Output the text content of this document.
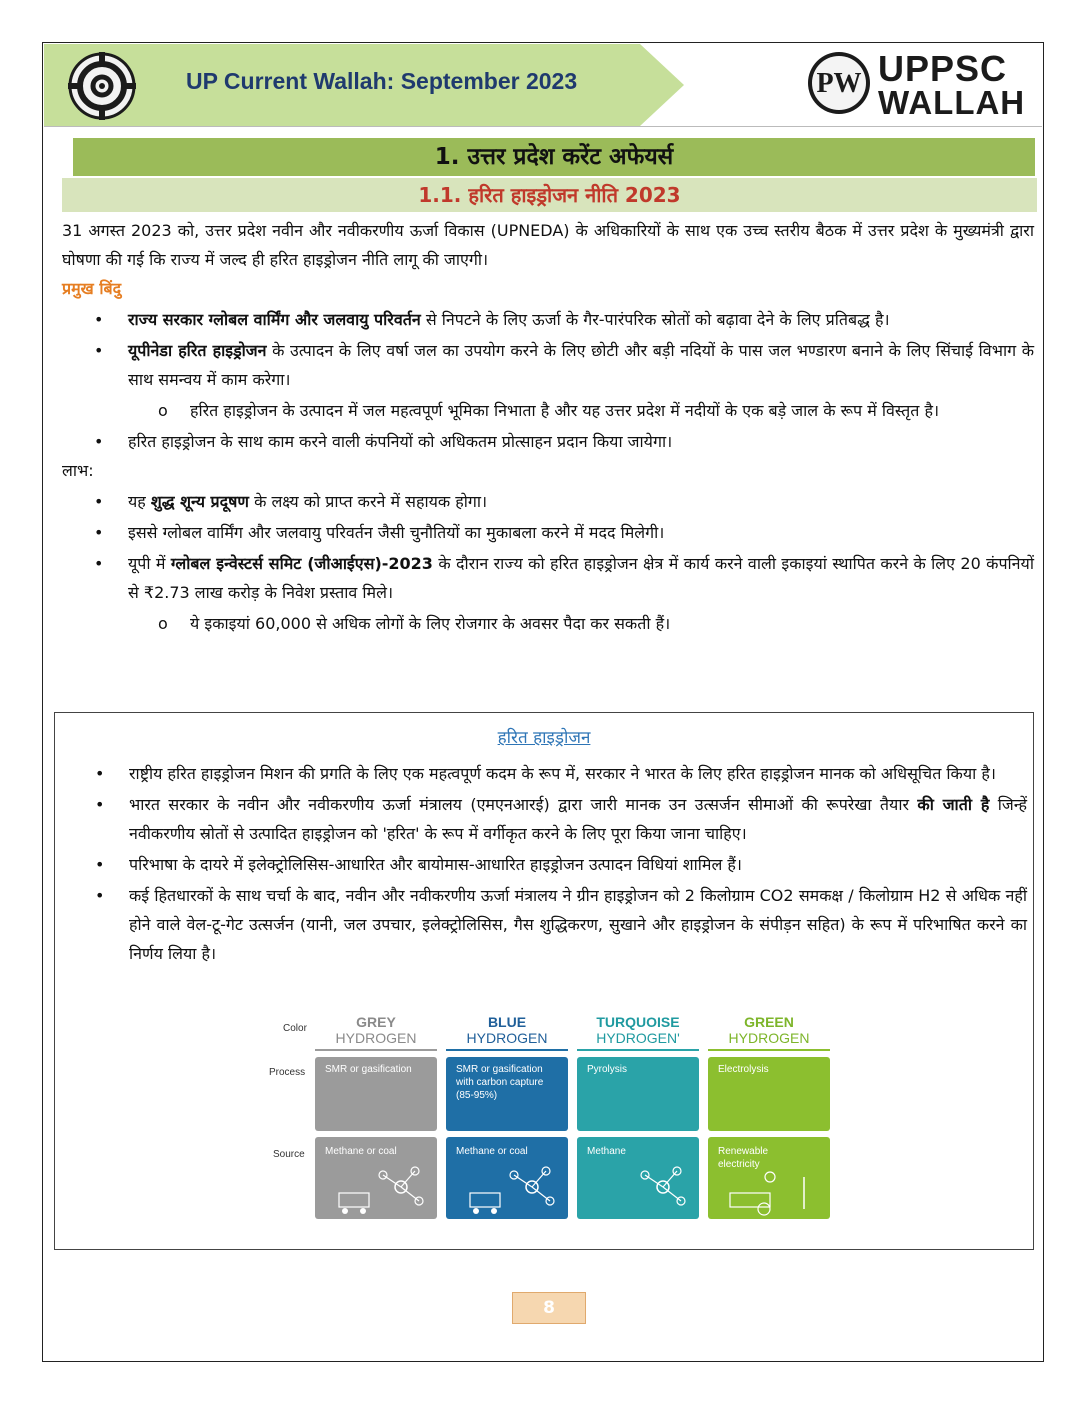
UP Current Wallah: September 2023	PW UPPSC
WALLAH
1. उत्तर प्रदेश करेंट अफेयर्स
1.1. हरित हाइड्रोजन नीति 2023

31 अगस्त 2023 को, उत्तर प्रदेश नवीन और नवीकरणीय ऊर्जा विकास (UPNEDA) के अधिकारियों के साथ एक उच्च स्तरीय बैठक में उत्तर प्रदेश के मुख्यमंत्री द्वारा घोषणा की गई कि राज्य में जल्द ही हरित हाइड्रोजन नीति लागू की जाएगी।

प्रमुख बिंदु

• राज्य सरकार ग्लोबल वार्मिंग और जलवायु परिवर्तन से निपटने के लिए ऊर्जा के गैर-पारंपरिक स्रोतों को बढ़ावा देने के लिए प्रतिबद्ध है।
• यूपीनेडा हरित हाइड्रोजन के उत्पादन के लिए वर्षा जल का उपयोग करने के लिए छोटी और बड़ी नदियों के पास जल भण्डारण बनाने के लिए सिंचाई विभाग के साथ समन्वय में काम करेगा।
o हरित हाइड्रोजन के उत्पादन में जल महत्वपूर्ण भूमिका निभाता है और यह उत्तर प्रदेश में नदीयों के एक बड़े जाल के रूप में विस्तृत है।
• हरित हाइड्रोजन के साथ काम करने वाली कंपनियों को अधिकतम प्रोत्साहन प्रदान किया जायेगा।

लाभ:

• यह शुद्ध शून्य प्रदूषण के लक्ष्य को प्राप्त करने में सहायक होगा।
• इससे ग्लोबल वार्मिंग और जलवायु परिवर्तन जैसी चुनौतियों का मुकाबला करने में मदद मिलेगी।
• यूपी में ग्लोबल इन्वेस्टर्स समिट (जीआईएस)-2023 के दौरान राज्य को हरित हाइड्रोजन क्षेत्र में कार्य करने वाली इकाइयां स्थापित करने के लिए 20 कंपनियों से ₹2.73 लाख करोड़ के निवेश प्रस्ताव मिले।
o ये इकाइयां 60,000 से अधिक लोगों के लिए रोजगार के अवसर पैदा कर सकती हैं।
हरित हाइड्रोजन
• राष्ट्रीय हरित हाइड्रोजन मिशन की प्रगति के लिए एक महत्वपूर्ण कदम के रूप में, सरकार ने भारत के लिए हरित हाइड्रोजन मानक को अधिसूचित किया है।
• भारत सरकार के नवीन और नवीकरणीय ऊर्जा मंत्रालय (एमएनआरई) द्वारा जारी मानक उन उत्सर्जन सीमाओं की रूपरेखा तैयार की जाती है जिन्हें नवीकरणीय स्रोतों से उत्पादित हाइड्रोजन को 'हरित' के रूप में वर्गीकृत करने के लिए पूरा किया जाना चाहिए।
• परिभाषा के दायरे में इलेक्ट्रोलिसिस-आधारित और बायोमास-आधारित हाइड्रोजन उत्पादन विधियां शामिल हैं।
• कई हितधारकों के साथ चर्चा के बाद, नवीन और नवीकरणीय ऊर्जा मंत्रालय ने ग्रीन हाइड्रोजन को 2 किलोग्राम CO2 समकक्ष / किलोग्राम H2 से अधिक नहीं होने वाले वेल-टू-गेट उत्सर्जन (यानी, जल उपचार, इलेक्ट्रोलिसिस, गैस शुद्धिकरण, सुखाने और हाइड्रोजन के संपीड़न सहित) के रूप में परिभाषित करने का निर्णय लिया है।
Color
Process
Source
GREY
HYDROGEN
SMR or gasification
Methane or coal
BLUE
HYDROGEN
SMR or gasification with carbon capture (85-95%)
Methane or coal
TURQUOISE
HYDROGEN'
Pyrolysis
Methane
GREEN
HYDROGEN
Electrolysis
Renewable electricity
8
